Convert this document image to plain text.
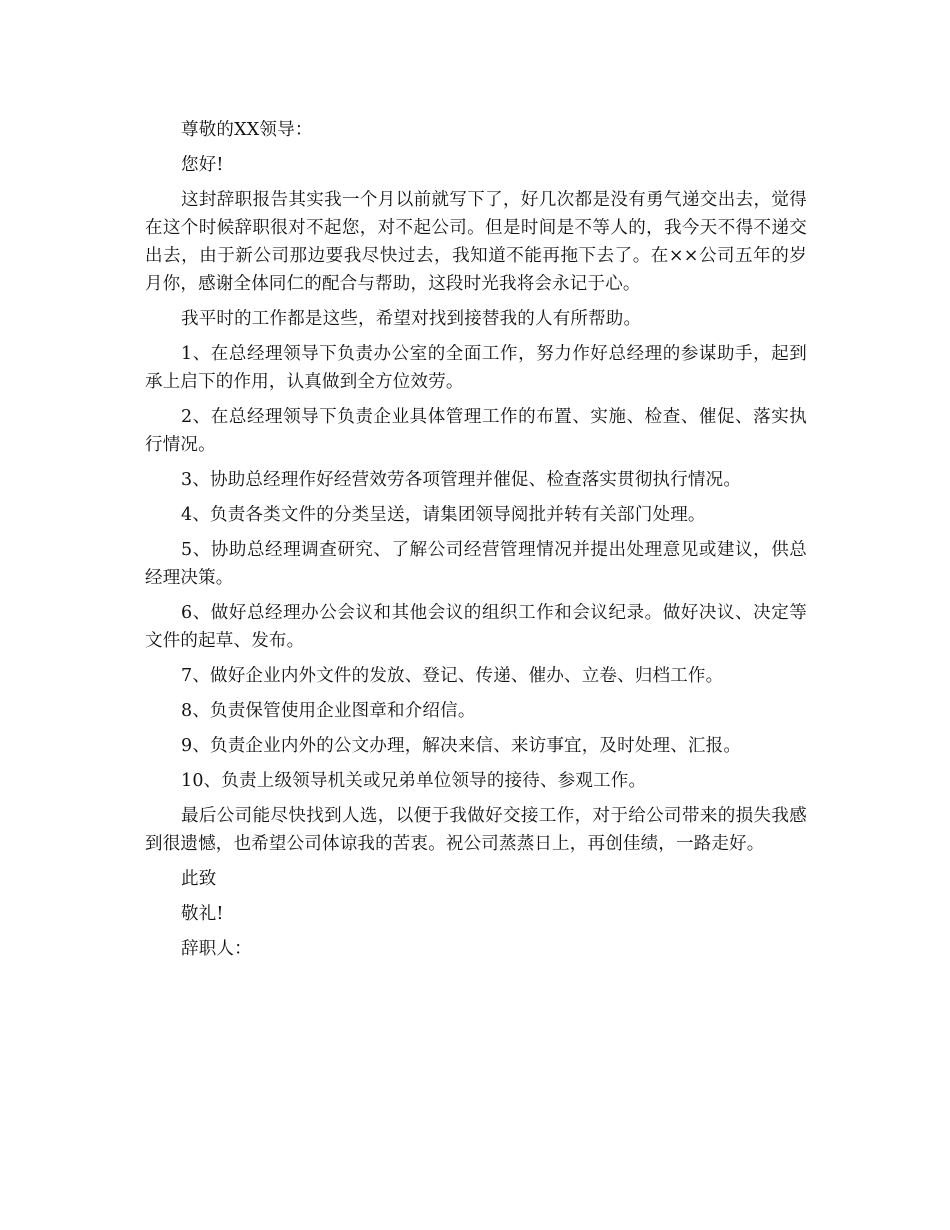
尊敬的XX领导：

您好!

这封辞职报告其实我一个月以前就写下了，好几次都是没有勇气递交出去，觉得在这个时候辞职很对不起您，对不起公司。但是时间是不等人的，我今天不得不递交出去，由于新公司那边要我尽快过去，我知道不能再拖下去了。在××公司五年的岁月你，感谢全体同仁的配合与帮助，这段时光我将会永记于心。

我平时的工作都是这些，希望对找到接替我的人有所帮助。

1、在总经理领导下负责办公室的全面工作，努力作好总经理的参谋助手，起到承上启下的作用，认真做到全方位效劳。

2、在总经理领导下负责企业具体管理工作的布置、实施、检查、催促、落实执行情况。

3、协助总经理作好经营效劳各项管理并催促、检查落实贯彻执行情况。

4、负责各类文件的分类呈送，请集团领导阅批并转有关部门处理。

5、协助总经理调查研究、了解公司经营管理情况并提出处理意见或建议，供总经理决策。

6、做好总经理办公会议和其他会议的组织工作和会议纪录。做好决议、决定等文件的起草、发布。

7、做好企业内外文件的发放、登记、传递、催办、立卷、归档工作。

8、负责保管使用企业图章和介绍信。

9、负责企业内外的公文办理，解决来信、来访事宜，及时处理、汇报。

10、负责上级领导机关或兄弟单位领导的接待、参观工作。

最后公司能尽快找到人选，以便于我做好交接工作，对于给公司带来的损失我感到很遗憾，也希望公司体谅我的苦衷。祝公司蒸蒸日上，再创佳绩，一路走好。

此致

敬礼!

辞职人：
